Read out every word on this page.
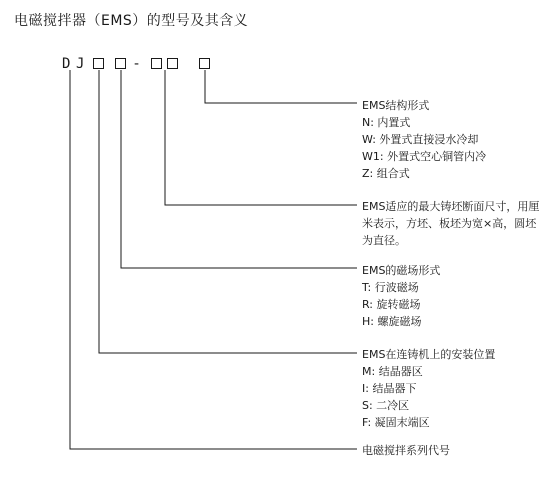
电磁搅拌器（EMS）的型号及其含义
D J	-
EMS结构形式
N: 内置式
W: 外置式直接浸水冷却
W1: 外置式空心铜管内冷
Z: 组合式
EMS适应的最大铸坯断面尺寸，用厘米表示，方坯、板坯为宽×高，圆坯为直径。
EMS的磁场形式
T: 行波磁场
R: 旋转磁场
H: 螺旋磁场
EMS在连铸机上的安装位置
M: 结晶器区
I: 结晶器下
S: 二冷区
F: 凝固末端区
电磁搅拌系列代号
